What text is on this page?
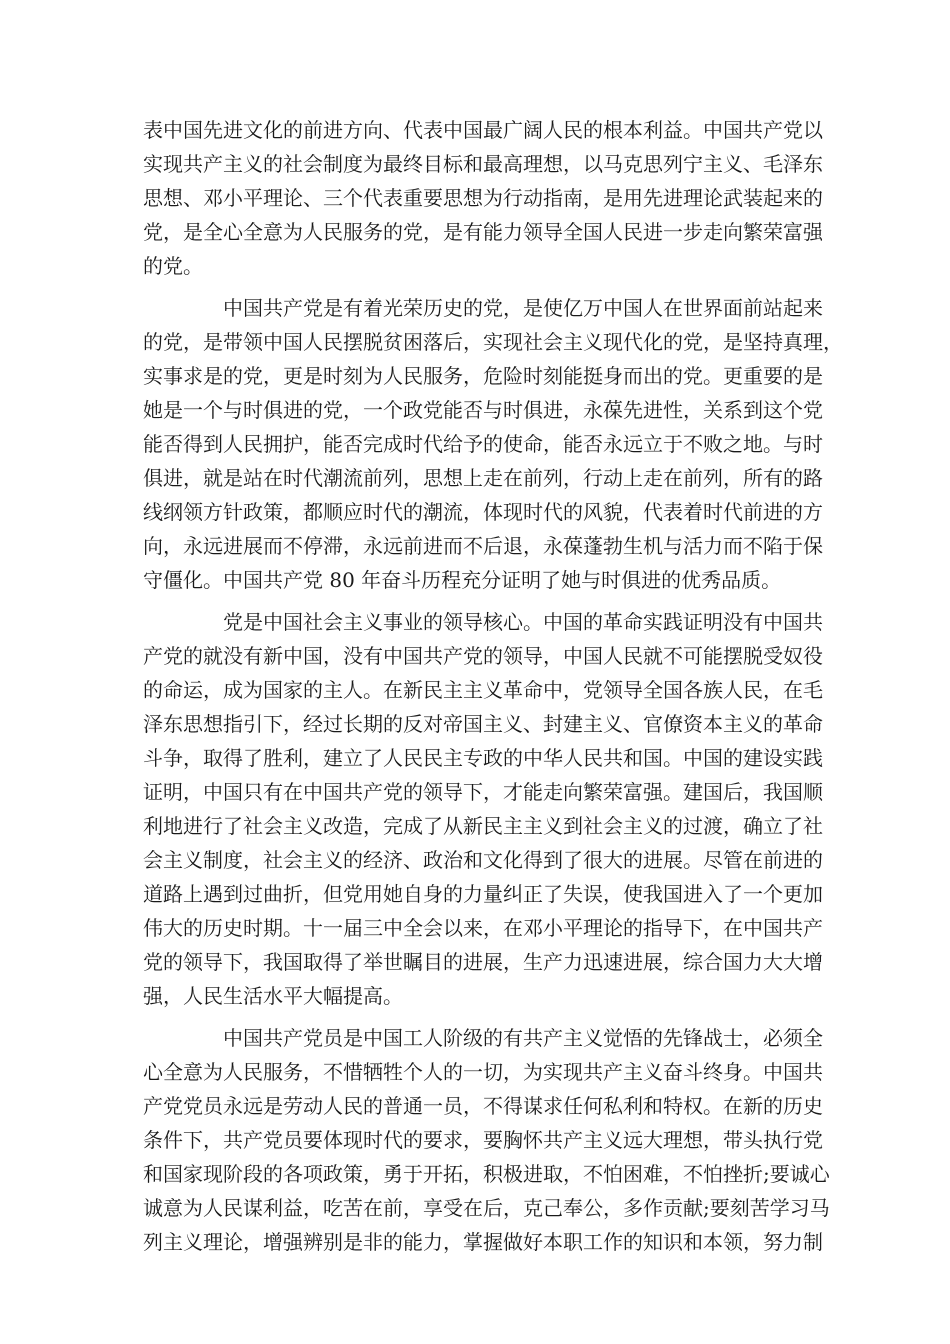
表中国先进文化的前进方向、代表中国最广阔人民的根本利益。中国共产党以
实现共产主义的社会制度为最终目标和最高理想，以马克思列宁主义、毛泽东
思想、邓小平理论、三个代表重要思想为行动指南，是用先进理论武装起来的
党，是全心全意为人民服务的党，是有能力领导全国人民进一步走向繁荣富强
的党。
中国共产党是有着光荣历史的党，是使亿万中国人在世界面前站起来
的党，是带领中国人民摆脱贫困落后，实现社会主义现代化的党，是坚持真理，
实事求是的党，更是时刻为人民服务，危险时刻能挺身而出的党。更重要的是
她是一个与时俱进的党，一个政党能否与时俱进，永葆先进性，关系到这个党
能否得到人民拥护，能否完成时代给予的使命，能否永远立于不败之地。与时
俱进，就是站在时代潮流前列，思想上走在前列，行动上走在前列，所有的路
线纲领方针政策，都顺应时代的潮流，体现时代的风貌，代表着时代前进的方
向，永远进展而不停滞，永远前进而不后退，永葆蓬勃生机与活力而不陷于保
守僵化。中国共产党 80 年奋斗历程充分证明了她与时俱进的优秀品质。
党是中国社会主义事业的领导核心。中国的革命实践证明没有中国共
产党的就没有新中国，没有中国共产党的领导，中国人民就不可能摆脱受奴役
的命运，成为国家的主人。在新民主主义革命中，党领导全国各族人民，在毛
泽东思想指引下，经过长期的反对帝国主义、封建主义、官僚资本主义的革命
斗争，取得了胜利，建立了人民民主专政的中华人民共和国。中国的建设实践
证明，中国只有在中国共产党的领导下，才能走向繁荣富强。建国后，我国顺
利地进行了社会主义改造，完成了从新民主主义到社会主义的过渡，确立了社
会主义制度，社会主义的经济、政治和文化得到了很大的进展。尽管在前进的
道路上遇到过曲折，但党用她自身的力量纠正了失误，使我国进入了一个更加
伟大的历史时期。十一届三中全会以来，在邓小平理论的指导下，在中国共产
党的领导下，我国取得了举世瞩目的进展，生产力迅速进展，综合国力大大增
强，人民生活水平大幅提高。
中国共产党员是中国工人阶级的有共产主义觉悟的先锋战士，必须全
心全意为人民服务，不惜牺牲个人的一切，为实现共产主义奋斗终身。中国共
产党党员永远是劳动人民的普通一员，不得谋求任何私利和特权。在新的历史
条件下，共产党员要体现时代的要求，要胸怀共产主义远大理想，带头执行党
和国家现阶段的各项政策，勇于开拓，积极进取，不怕困难，不怕挫折;要诚心
诚意为人民谋利益，吃苦在前，享受在后，克己奉公，多作贡献;要刻苦学习马
列主义理论，增强辨别是非的能力，掌握做好本职工作的知识和本领，努力制
